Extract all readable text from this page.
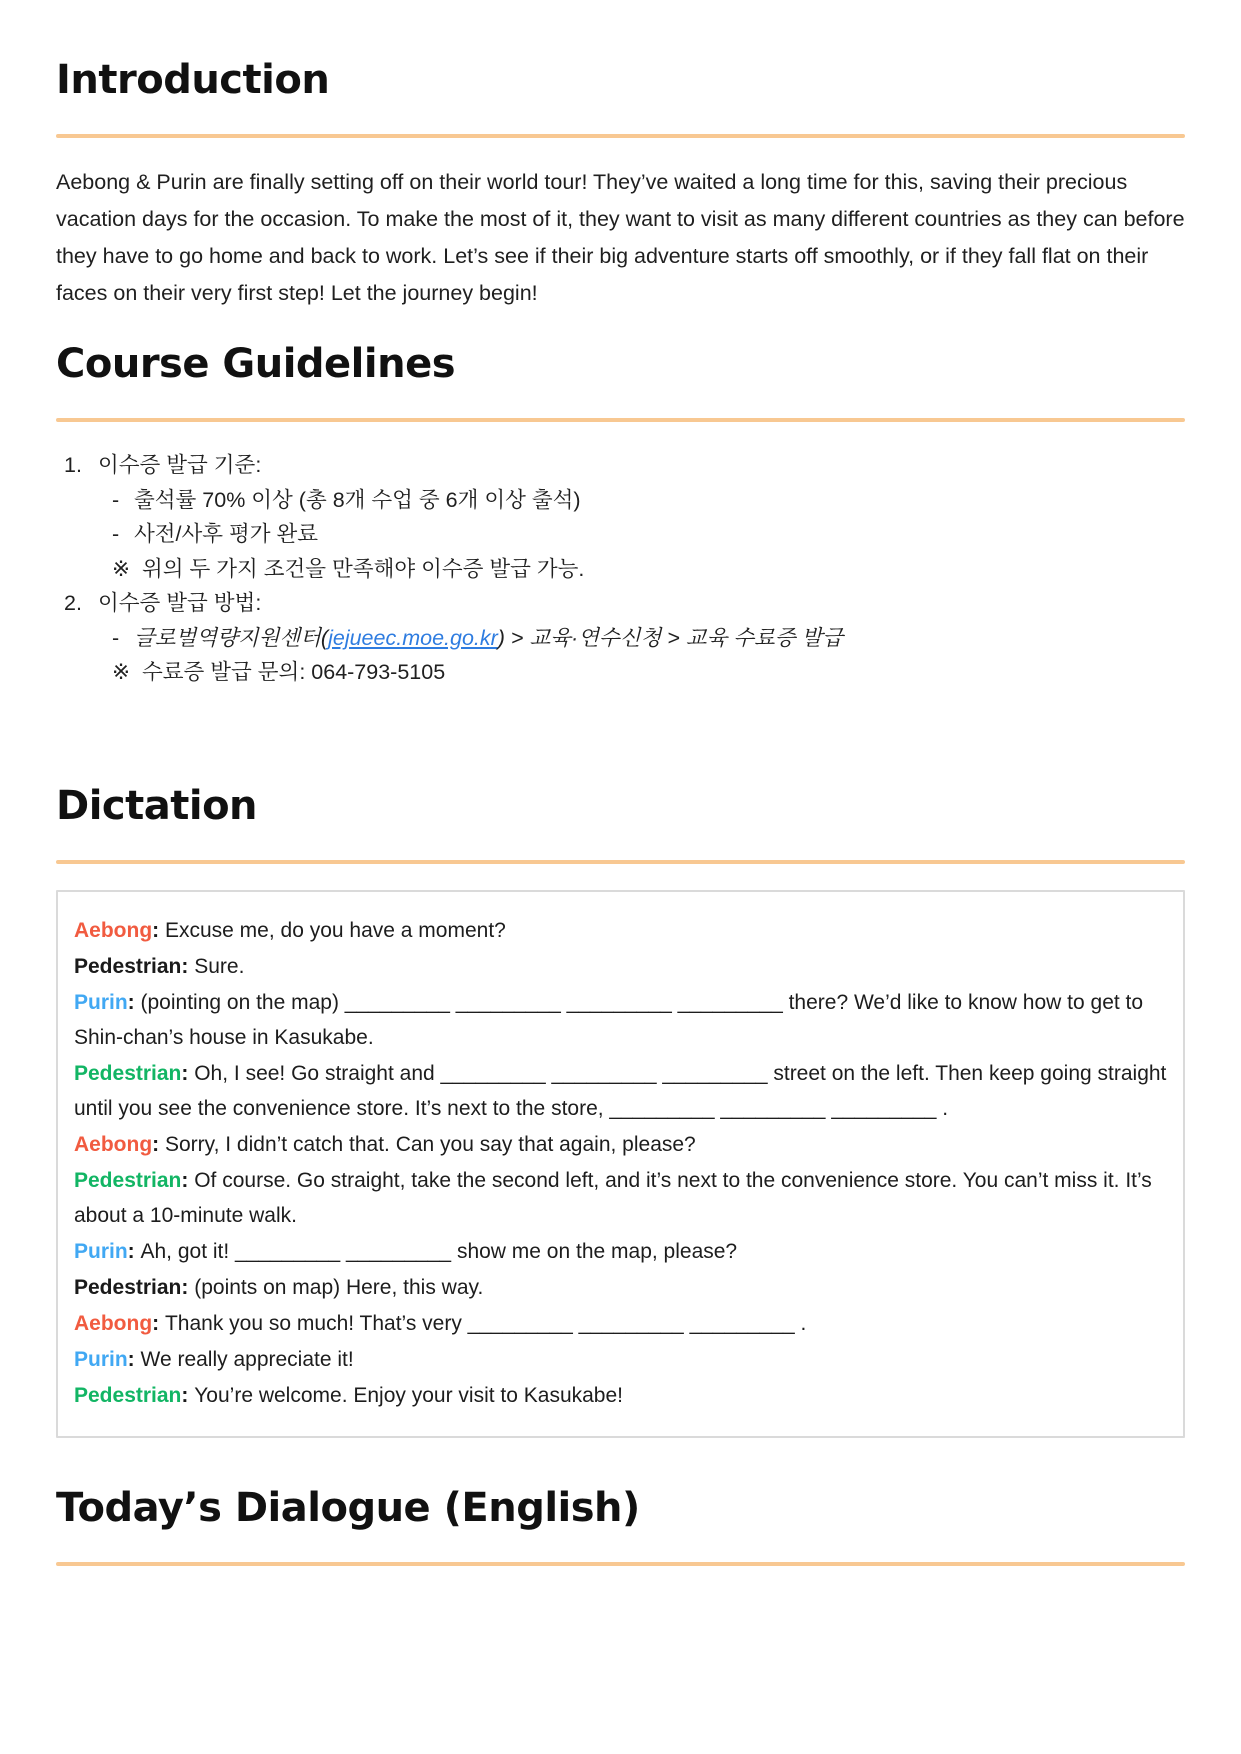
Introduction

Aebong & Purin are finally setting off on their world tour! They’ve waited a long time for this, saving their precious vacation days for the occasion. To make the most of it, they want to visit as many different countries as they can before they have to go home and back to work. Let’s see if their big adventure starts off smoothly, or if they fall flat on their faces on their very first step! Let the journey begin!

Course Guidelines
1. 이수증 발급 기준:
- 출석률 70% 이상 (총 8개 수업 중 6개 이상 출석)
- 사전/사후 평가 완료
※ 위의 두 가지 조건을 만족해야 이수증 발급 가능.
2. 이수증 발급 방법:
- 글로벌역량지원센터(jejueec.moe.go.kr) > 교육·연수신청 > 교육 수료증 발급
※ 수료증 발급 문의: 064-793-5105
Dictation

Aebong: Excuse me, do you have a moment?

Pedestrian: Sure.

Purin: (pointing on the map) _________ _________ _________ _________ there? We’d like to know how to get to Shin-chan’s house in Kasukabe.

Pedestrian: Oh, I see! Go straight and _________ _________ _________ street on the left. Then keep going straight until you see the convenience store. It’s next to the store, _________ _________ _________ .

Aebong: Sorry, I didn’t catch that. Can you say that again, please?

Pedestrian: Of course. Go straight, take the second left, and it’s next to the convenience store. You can’t miss it. It’s about a 10-minute walk.

Purin: Ah, got it! _________ _________ show me on the map, please?

Pedestrian: (points on map) Here, this way.

Aebong: Thank you so much! That’s very _________ _________ _________ .

Purin: We really appreciate it!

Pedestrian: You’re welcome. Enjoy your visit to Kasukabe!

Today’s Dialogue (English)
